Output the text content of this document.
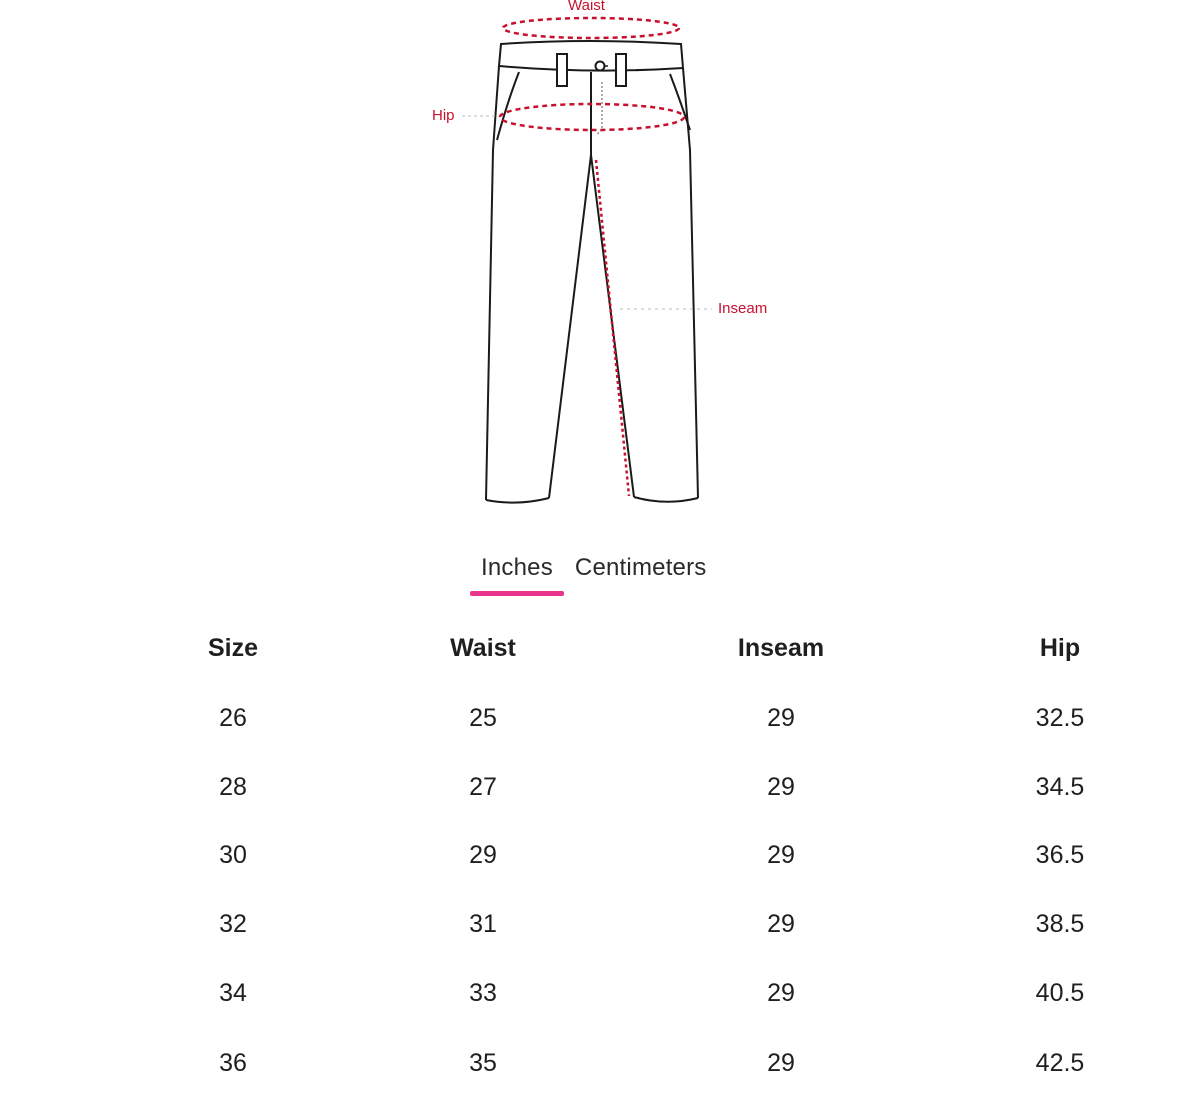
Waist
Hip
Inseam
Inches Centimeters
Size	Waist	Inseam	Hip
26	25	29	32.5
28	27	29	34.5
30	29	29	36.5
32	31	29	38.5
34	33	29	40.5
36	35	29	42.5
